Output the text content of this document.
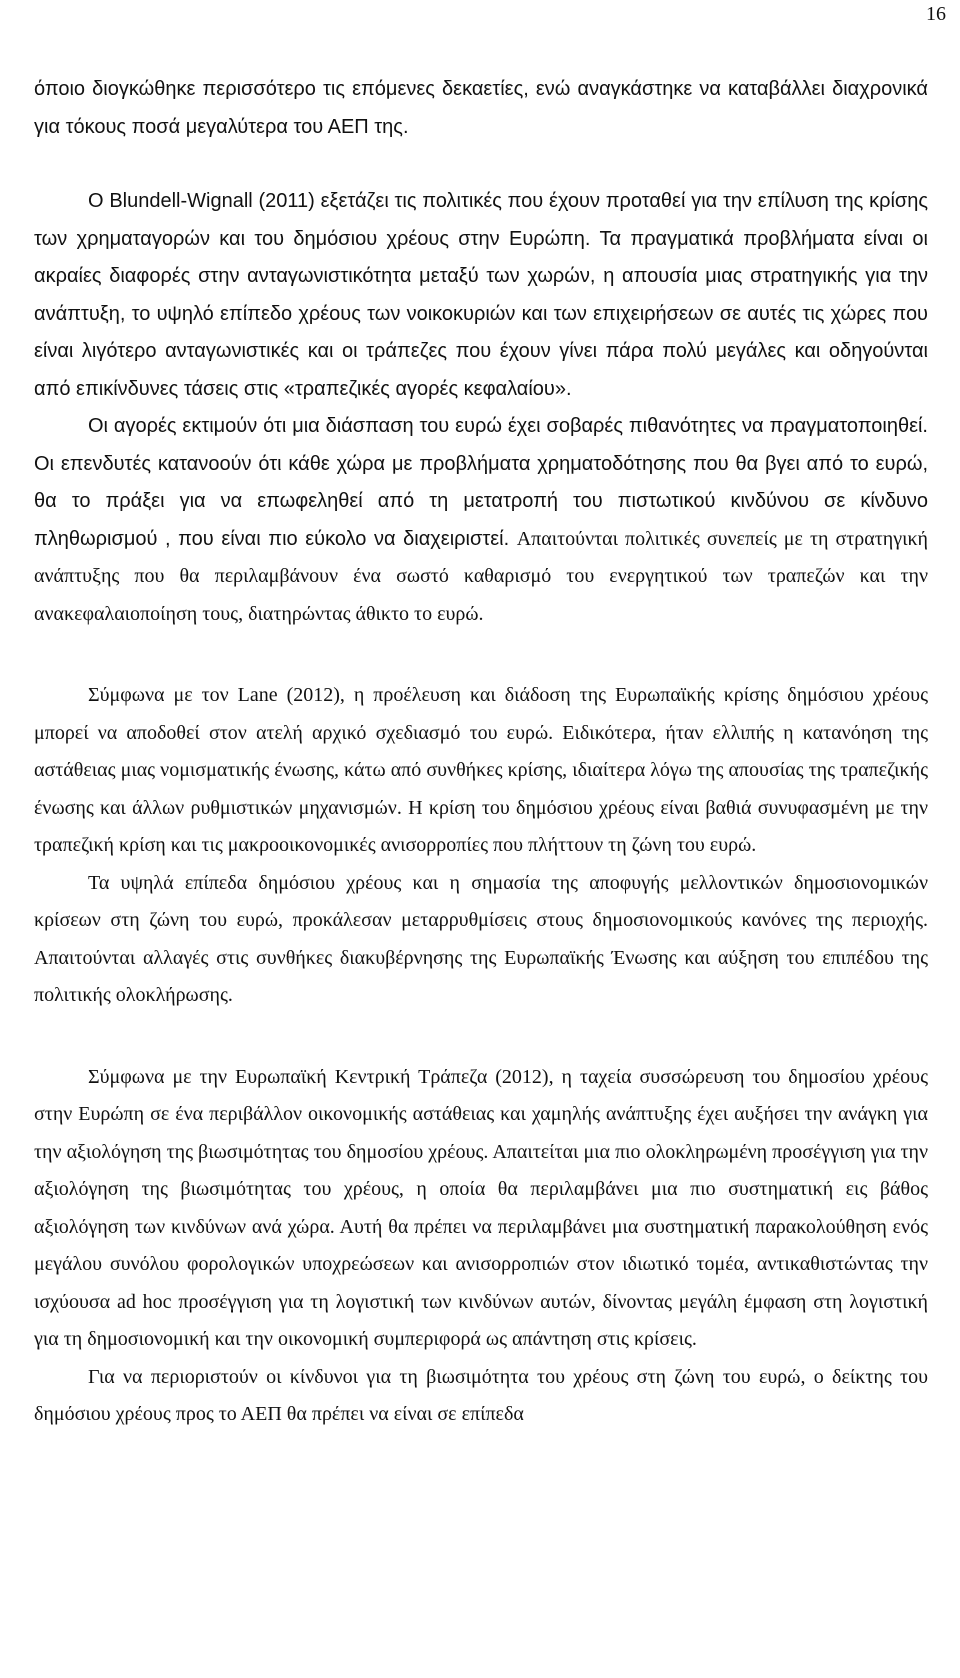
16

όποιο διογκώθηκε περισσότερο τις επόμενες δεκαετίες, ενώ αναγκάστηκε να καταβάλλει διαχρονικά για τόκους ποσά μεγαλύτερα του ΑΕΠ της.

Ο Blundell-Wignall (2011) εξετάζει τις πολιτικές που έχουν προταθεί για την επίλυση της κρίσης των χρηματαγορών και του δημόσιου χρέους στην Ευρώπη. Τα πραγματικά προβλήματα είναι οι ακραίες διαφορές στην ανταγωνιστικότητα μεταξύ των χωρών, η απουσία μιας στρατηγικής για την ανάπτυξη, το υψηλό επίπεδο χρέους των νοικοκυριών και των επιχειρήσεων σε αυτές τις χώρες που είναι λιγότερο ανταγωνιστικές και οι τράπεζες που έχουν γίνει πάρα πολύ μεγάλες και οδηγούνται από επικίνδυνες τάσεις στις «τραπεζικές αγορές κεφαλαίου».

Οι αγορές εκτιμούν ότι μια διάσπαση του ευρώ έχει σοβαρές πιθανότητες να πραγματοποιηθεί. Οι επενδυτές κατανοούν ότι κάθε χώρα με προβλήματα χρηματοδότησης που θα βγει από το ευρώ, θα το πράξει για να επωφεληθεί από τη μετατροπή του πιστωτικού κινδύνου σε κίνδυνο πληθωρισμού , που είναι πιο εύκολο να διαχειριστεί. Απαιτούνται πολιτικές συνεπείς με τη στρατηγική ανάπτυξης που θα περιλαμβάνουν ένα σωστό καθαρισμό του ενεργητικού των τραπεζών και την ανακεφαλαιοποίηση τους, διατηρώντας άθικτο το ευρώ.

Σύμφωνα με τον Lane (2012), η προέλευση και διάδοση της Ευρωπαϊκής κρίσης δημόσιου χρέους μπορεί να αποδοθεί στον ατελή αρχικό σχεδιασμό του ευρώ. Ειδικότερα, ήταν ελλιπής η κατανόηση της αστάθειας μιας νομισματικής ένωσης, κάτω από συνθήκες κρίσης, ιδιαίτερα λόγω της απουσίας της τραπεζικής ένωσης και άλλων ρυθμιστικών μηχανισμών. Η κρίση του δημόσιου χρέους είναι βαθιά συνυφασμένη με την τραπεζική κρίση και τις μακροοικονομικές ανισορροπίες που πλήττουν τη ζώνη του ευρώ.

Τα υψηλά επίπεδα δημόσιου χρέους και η σημασία της αποφυγής μελλοντικών δημοσιονομικών κρίσεων στη ζώνη του ευρώ, προκάλεσαν μεταρρυθμίσεις στους δημοσιονομικούς κανόνες της περιοχής. Απαιτούνται αλλαγές στις συνθήκες διακυβέρνησης της Ευρωπαϊκής Ένωσης και αύξηση του επιπέδου της πολιτικής ολοκλήρωσης.

Σύμφωνα με την Ευρωπαϊκή Κεντρική Τράπεζα (2012), η ταχεία συσσώρευση του δημοσίου χρέους στην Ευρώπη σε ένα περιβάλλον οικονομικής αστάθειας και χαμηλής ανάπτυξης έχει αυξήσει την ανάγκη για την αξιολόγηση της βιωσιμότητας του δημοσίου χρέους. Απαιτείται μια πιο ολοκληρωμένη προσέγγιση για την αξιολόγηση της βιωσιμότητας του χρέους, η οποία θα περιλαμβάνει μια πιο συστηματική εις βάθος αξιολόγηση των κινδύνων ανά χώρα. Αυτή θα πρέπει να περιλαμβάνει μια συστηματική παρακολούθηση ενός μεγάλου συνόλου φορολογικών υποχρεώσεων και ανισορροπιών στον ιδιωτικό τομέα, αντικαθιστώντας την ισχύουσα ad hoc προσέγγιση για τη λογιστική των κινδύνων αυτών, δίνοντας μεγάλη έμφαση στη λογιστική για τη δημοσιονομική και την οικονομική συμπεριφορά ως απάντηση στις κρίσεις.

Για να περιοριστούν οι κίνδυνοι για τη βιωσιμότητα του χρέους στη ζώνη του ευρώ, ο δείκτης του δημόσιου χρέους προς το ΑΕΠ θα πρέπει να είναι σε επίπεδα
